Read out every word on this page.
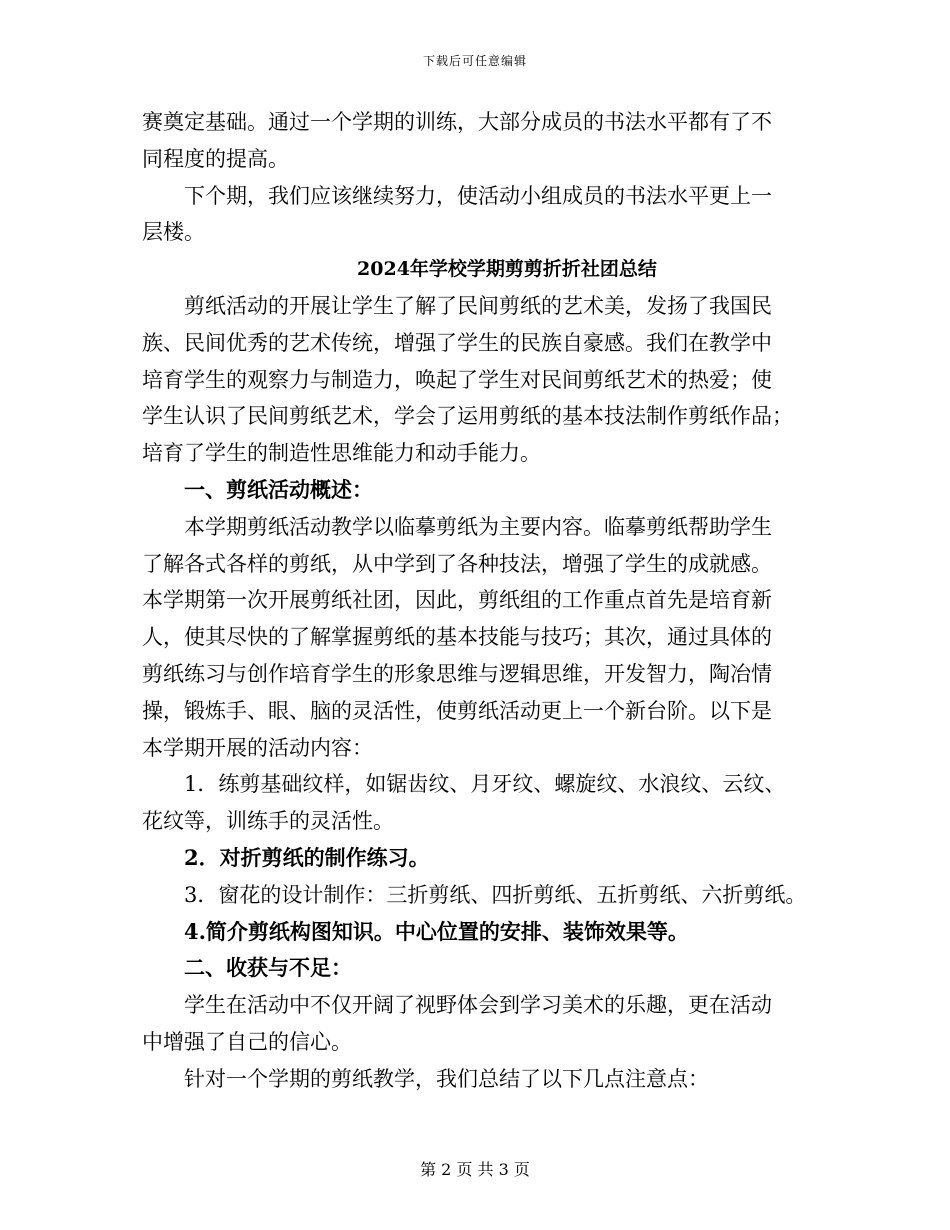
下载后可任意编辑
赛奠定基础。通过一个学期的训练，大部分成员的书法水平都有了不
同程度的提高。
下个期，我们应该继续努力，使活动小组成员的书法水平更上一
层楼。
2024年学校学期剪剪折折社团总结
剪纸活动的开展让学生了解了民间剪纸的艺术美，发扬了我国民
族、民间优秀的艺术传统，增强了学生的民族自豪感。我们在教学中
培育学生的观察力与制造力，唤起了学生对民间剪纸艺术的热爱；使
学生认识了民间剪纸艺术，学会了运用剪纸的基本技法制作剪纸作品；
培育了学生的制造性思维能力和动手能力。
一、剪纸活动概述：
本学期剪纸活动教学以临摹剪纸为主要内容。临摹剪纸帮助学生
了解各式各样的剪纸，从中学到了各种技法，增强了学生的成就感。
本学期第一次开展剪纸社团，因此，剪纸组的工作重点首先是培育新
人，使其尽快的了解掌握剪纸的基本技能与技巧；其次，通过具体的
剪纸练习与创作培育学生的形象思维与逻辑思维，开发智力，陶冶情
操，锻炼手、眼、脑的灵活性，使剪纸活动更上一个新台阶。以下是
本学期开展的活动内容：
1．练剪基础纹样，如锯齿纹、月牙纹、螺旋纹、水浪纹、云纹、
花纹等，训练手的灵活性。
2．对折剪纸的制作练习。
3．窗花的设计制作：三折剪纸、四折剪纸、五折剪纸、六折剪纸。
4.简介剪纸构图知识。中心位置的安排、装饰效果等。
二、收获与不足：
学生在活动中不仅开阔了视野体会到学习美术的乐趣，更在活动
中增强了自己的信心。
针对一个学期的剪纸教学，我们总结了以下几点注意点：
第 2 页 共 3 页
